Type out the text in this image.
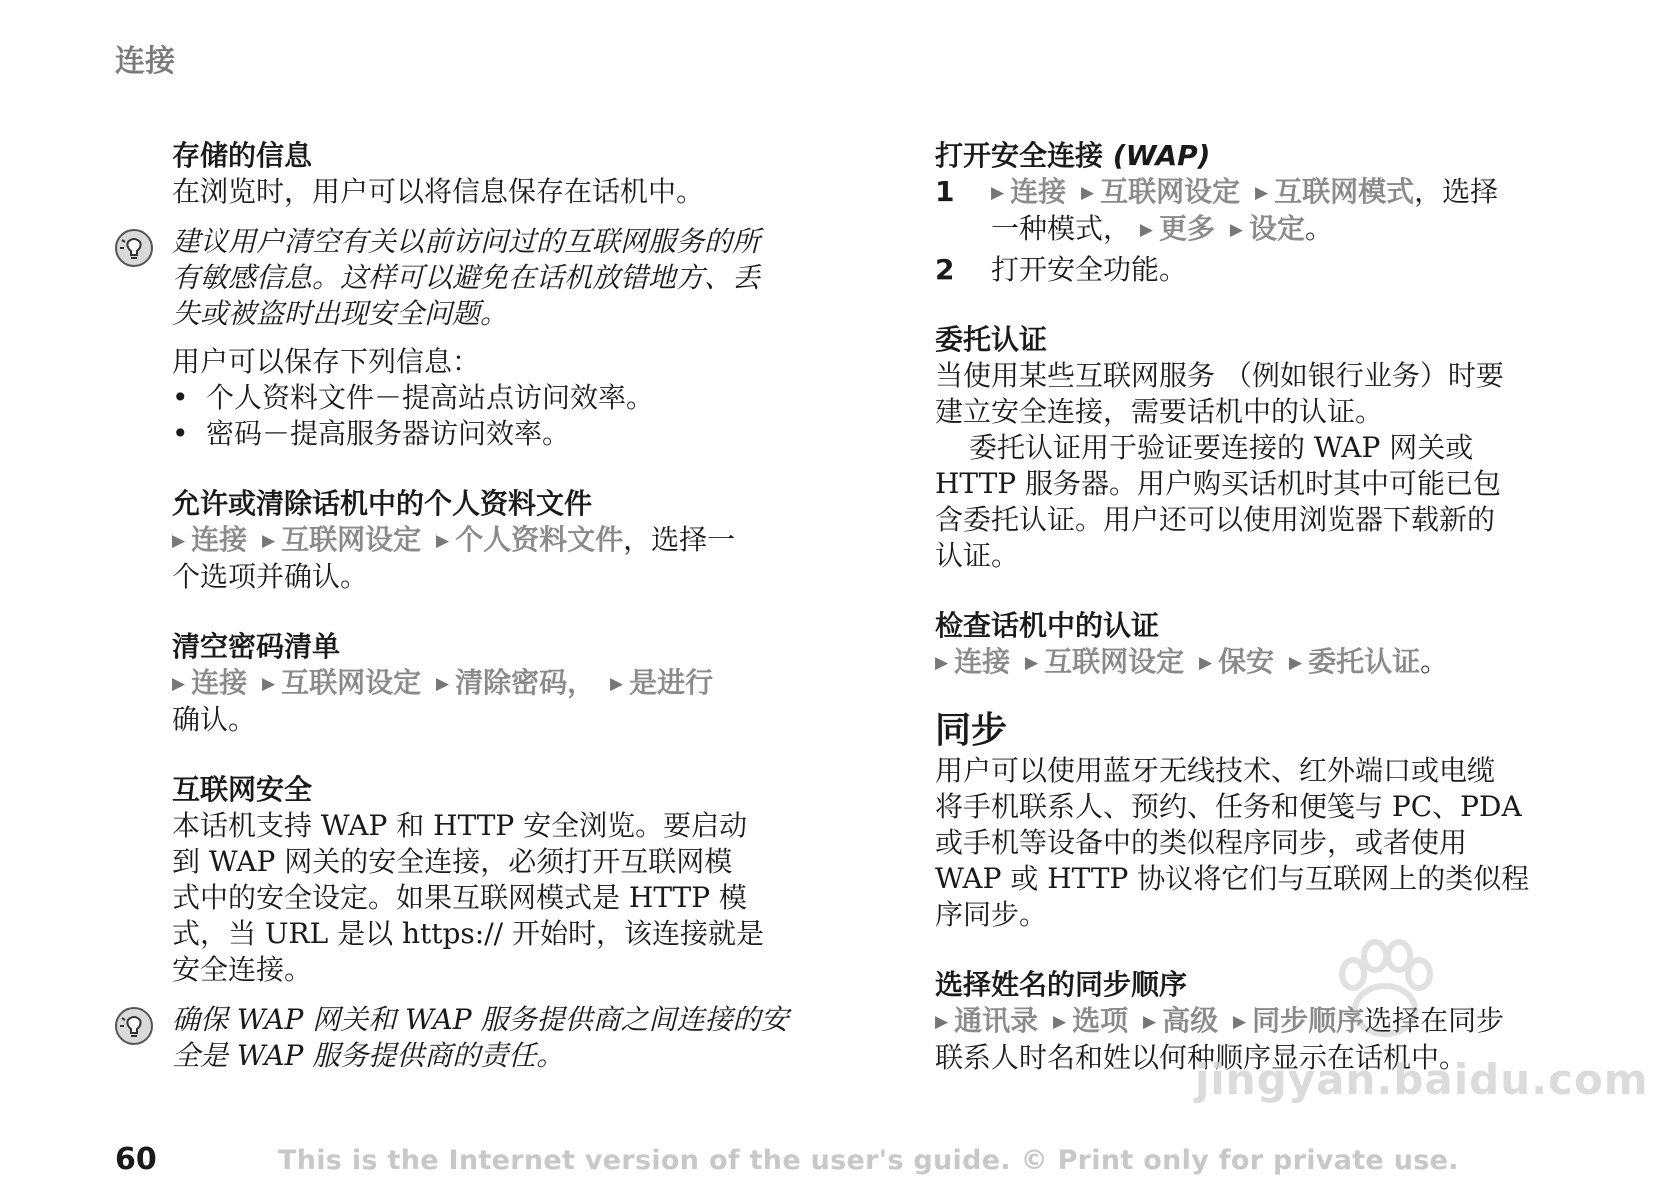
连接
存储的信息

在浏览时，用户可以将信息保存在话机中。

建议用户清空有关以前访问过的互联网服务的所

有敏感信息。这样可以避免在话机放错地方、丢

失或被盗时出现安全问题。

用户可以保存下列信息：

• 个人资料文件－提高站点访问效率。
• 密码－提高服务器访问效率。
允许或清除话机中的个人资料文件
▶ 连接 ▶ 互联网设定 ▶ 个人资料文件，选择一

个选项并确认。

清空密码清单
▶ 连接 ▶ 互联网设定 ▶ 清除密码， ▶ 是进行

确认。

互联网安全

本话机支持 WAP 和 HTTP 安全浏览。要启动

到 WAP 网关的安全连接，必须打开互联网模

式中的安全设定。如果互联网模式是 HTTP 模

式，当 URL 是以 https:// 开始时，该连接就是

安全连接。

确保 WAP 网关和 WAP 服务提供商之间连接的安

全是 WAP 服务提供商的责任。

打开安全连接 (WAP)
1 ▶ 连接 ▶ 互联网设定 ▶ 互联网模式，选择
一种模式， ▶ 更多 ▶ 设定。
2 打开安全功能。
委托认证

当使用某些互联网服务 （例如银行业务）时要

建立安全连接，需要话机中的认证。

委托认证用于验证要连接的 WAP 网关或

HTTP 服务器。用户购买话机时其中可能已包

含委托认证。用户还可以使用浏览器下载新的

认证。

检查话机中的认证
▶ 连接 ▶ 互联网设定 ▶ 保安 ▶ 委托认证。
同步

用户可以使用蓝牙无线技术、红外端口或电缆

将手机联系人、预约、任务和便笺与 PC、PDA

或手机等设备中的类似程序同步，或者使用

WAP 或 HTTP 协议将它们与互联网上的类似程

序同步。

选择姓名的同步顺序
▶ 通讯录 ▶ 选项 ▶ 高级 ▶ 同步顺序选择在同步

联系人时名和姓以何种顺序显示在话机中。

jingyan.baidu.com
60	This is the Internet version of the user's guide. © Print only for private use.
